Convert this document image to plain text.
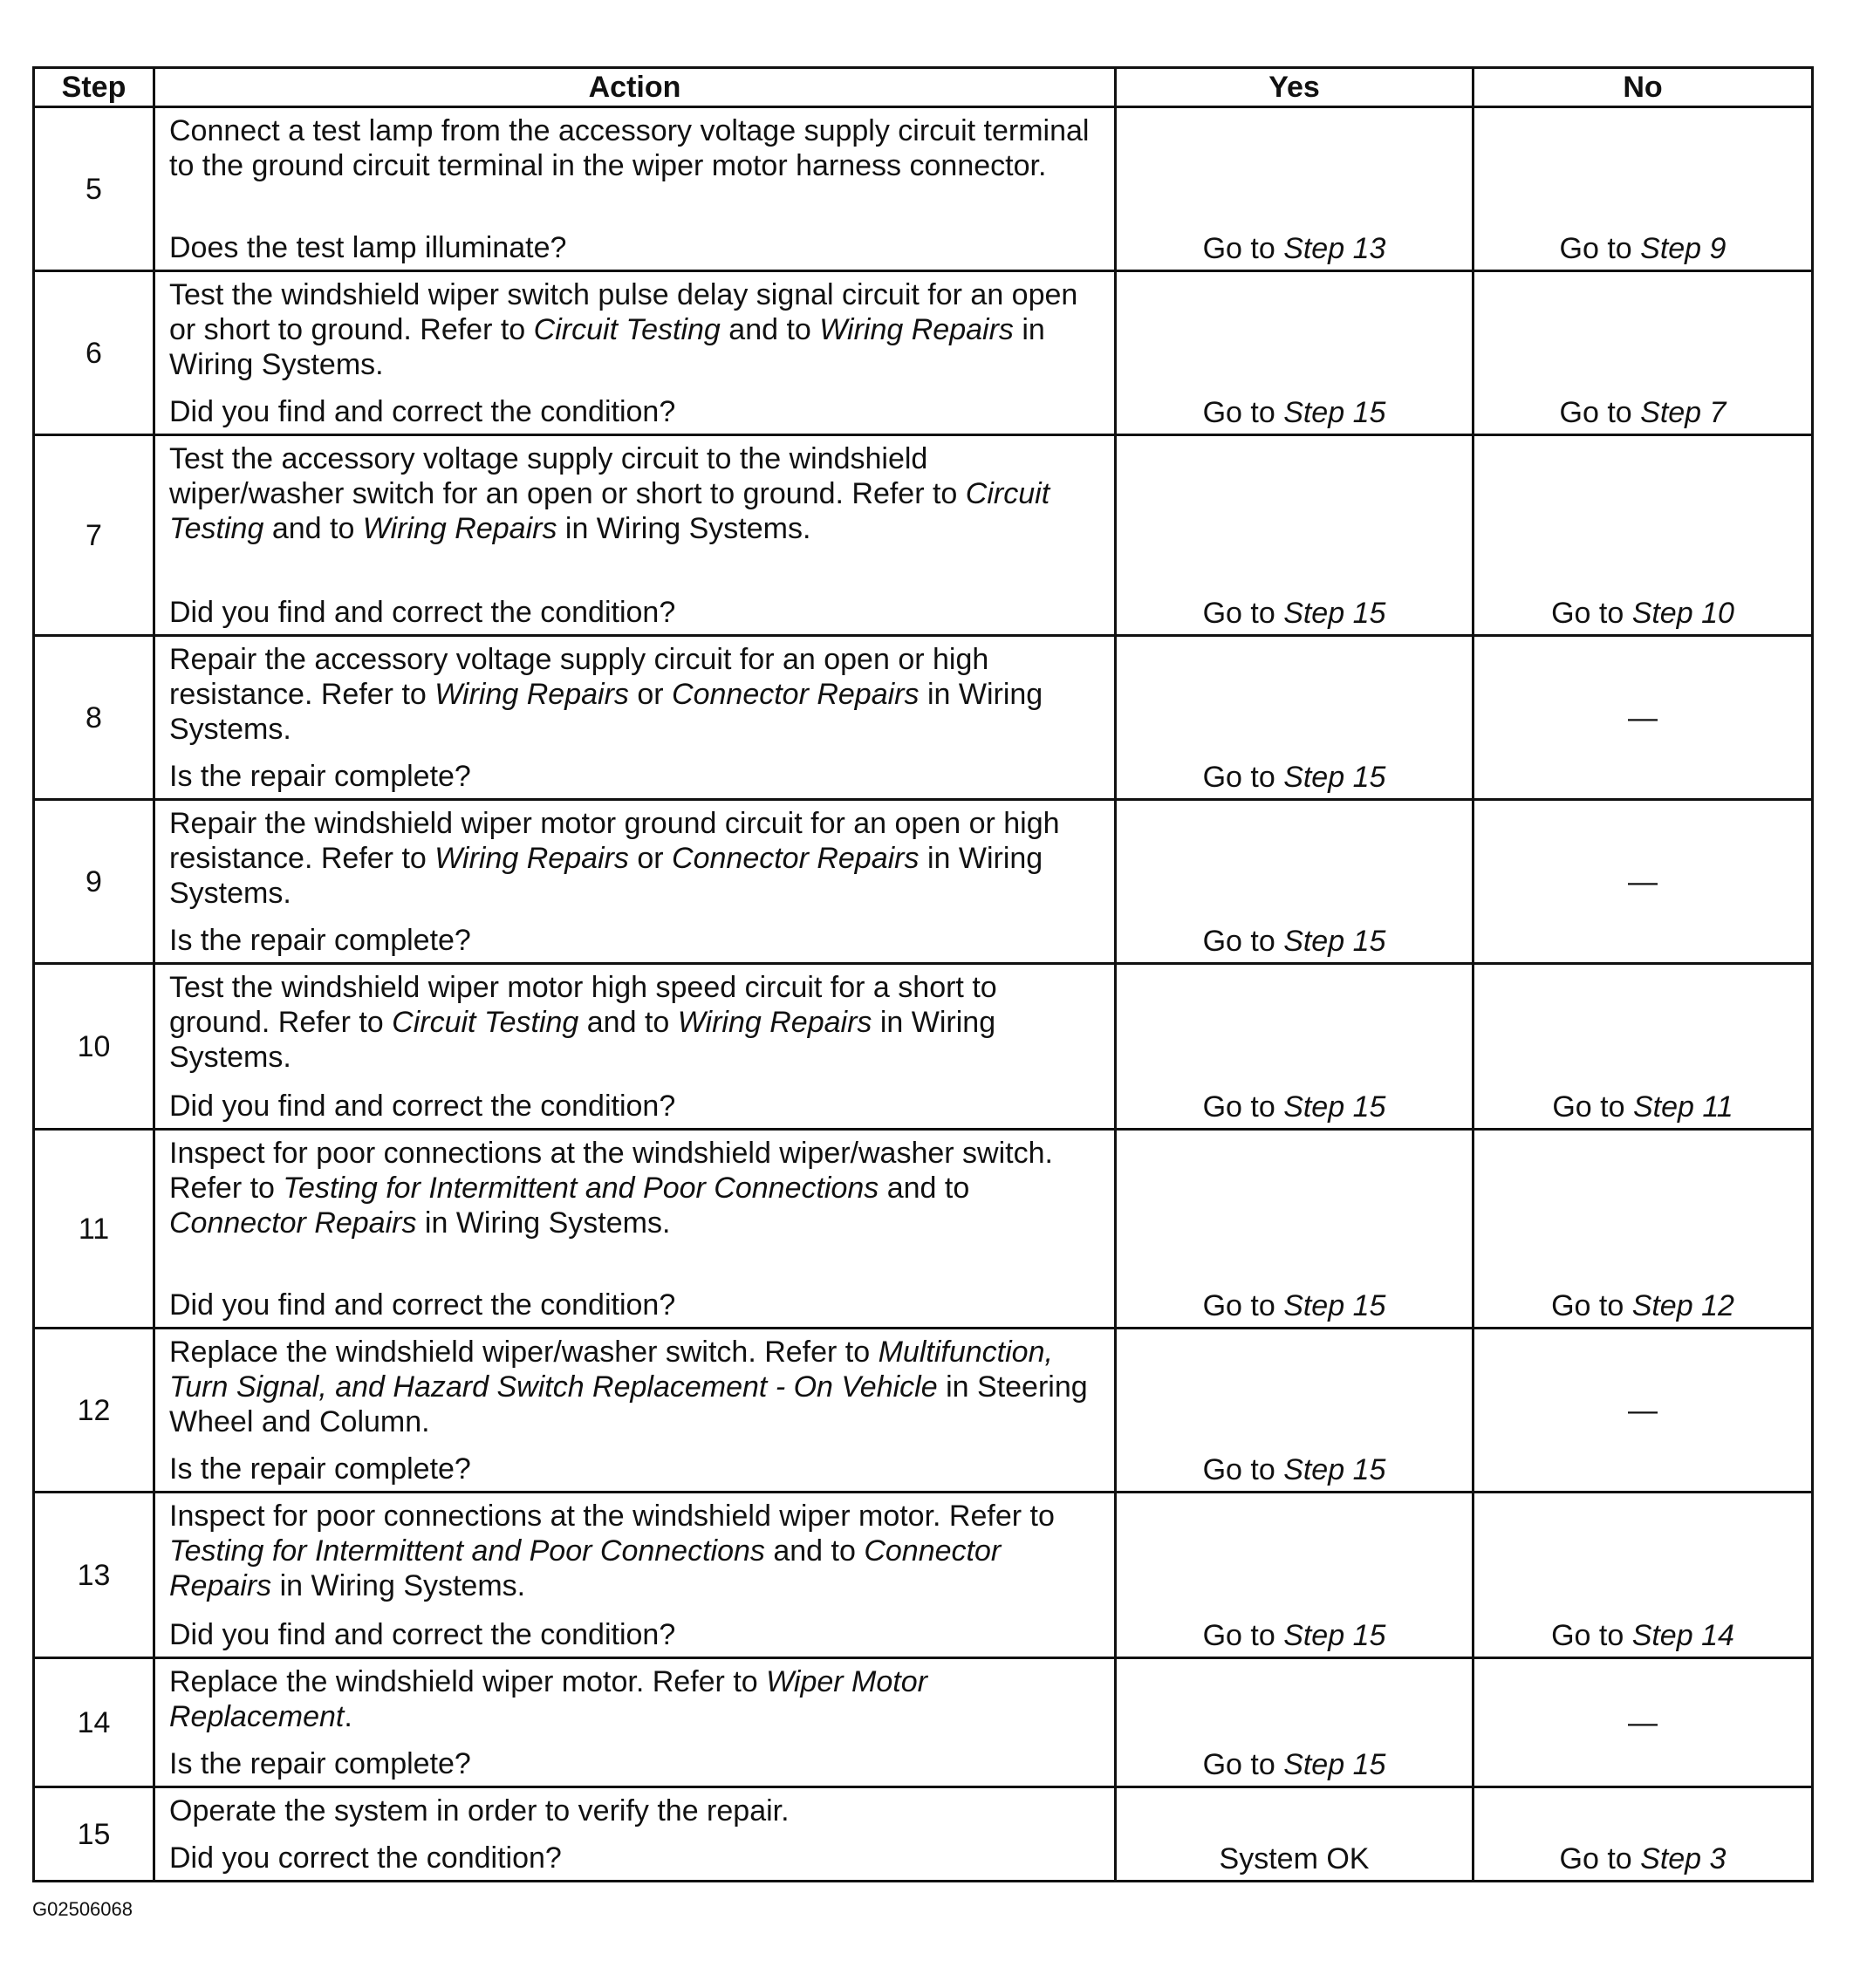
Step	Action	Yes	No
5	Connect a test lamp from the accessory voltage supply circuit terminal to the ground circuit terminal in the wiper motor harness connector.
Does the test lamp illuminate?	Go to Step 13	Go to Step 9
6	Test the windshield wiper switch pulse delay signal circuit for an open or short to ground. Refer to Circuit Testing and to Wiring Repairs in Wiring Systems.
Did you find and correct the condition?	Go to Step 15	Go to Step 7
7	Test the accessory voltage supply circuit to the windshield wiper/washer switch for an open or short to ground. Refer to Circuit Testing and to Wiring Repairs in Wiring Systems.
Did you find and correct the condition?	Go to Step 15	Go to Step 10
8	Repair the accessory voltage supply circuit for an open or high resistance. Refer to Wiring Repairs or Connector Repairs in Wiring Systems.
Is the repair complete?	Go to Step 15	—
9	Repair the windshield wiper motor ground circuit for an open or high resistance. Refer to Wiring Repairs or Connector Repairs in Wiring Systems.
Is the repair complete?	Go to Step 15	—
10	Test the windshield wiper motor high speed circuit for a short to ground. Refer to Circuit Testing and to Wiring Repairs in Wiring Systems.
Did you find and correct the condition?	Go to Step 15	Go to Step 11
11	Inspect for poor connections at the windshield wiper/washer switch. Refer to Testing for Intermittent and Poor Connections and to Connector Repairs in Wiring Systems.
Did you find and correct the condition?	Go to Step 15	Go to Step 12
12	Replace the windshield wiper/washer switch. Refer to Multifunction, Turn Signal, and Hazard Switch Replacement - On Vehicle in Steering Wheel and Column.
Is the repair complete?	Go to Step 15	—
13	Inspect for poor connections at the windshield wiper motor. Refer to Testing for Intermittent and Poor Connections and to Connector Repairs in Wiring Systems.
Did you find and correct the condition?	Go to Step 15	Go to Step 14
14	Replace the windshield wiper motor. Refer to Wiper Motor Replacement.
Is the repair complete?	Go to Step 15	—
15	Operate the system in order to verify the repair.
Did you correct the condition?	System OK	Go to Step 3
G02506068
